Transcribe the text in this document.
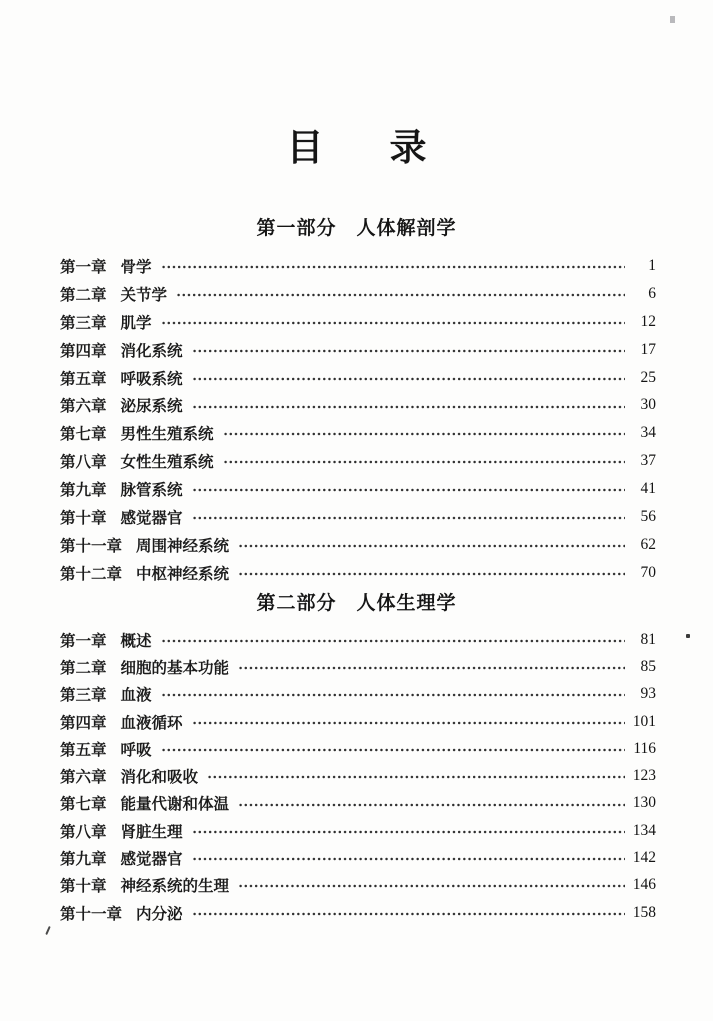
目 录
第一部分　人体解剖学
第一章 骨学	1
第二章 关节学	6
第三章 肌学	12
第四章 消化系统	17
第五章 呼吸系统	25
第六章 泌尿系统	30
第七章 男性生殖系统	34
第八章 女性生殖系统	37
第九章 脉管系统	41
第十章 感觉器官	56
第十一章 周围神经系统	62
第十二章 中枢神经系统	70
第二部分　人体生理学
第一章 概述	81
第二章 细胞的基本功能	85
第三章 血液	93
第四章 血液循环	101
第五章 呼吸	116
第六章 消化和吸收	123
第七章 能量代谢和体温	130
第八章 肾脏生理	134
第九章 感觉器官	142
第十章 神经系统的生理	146
第十一章 内分泌	158
